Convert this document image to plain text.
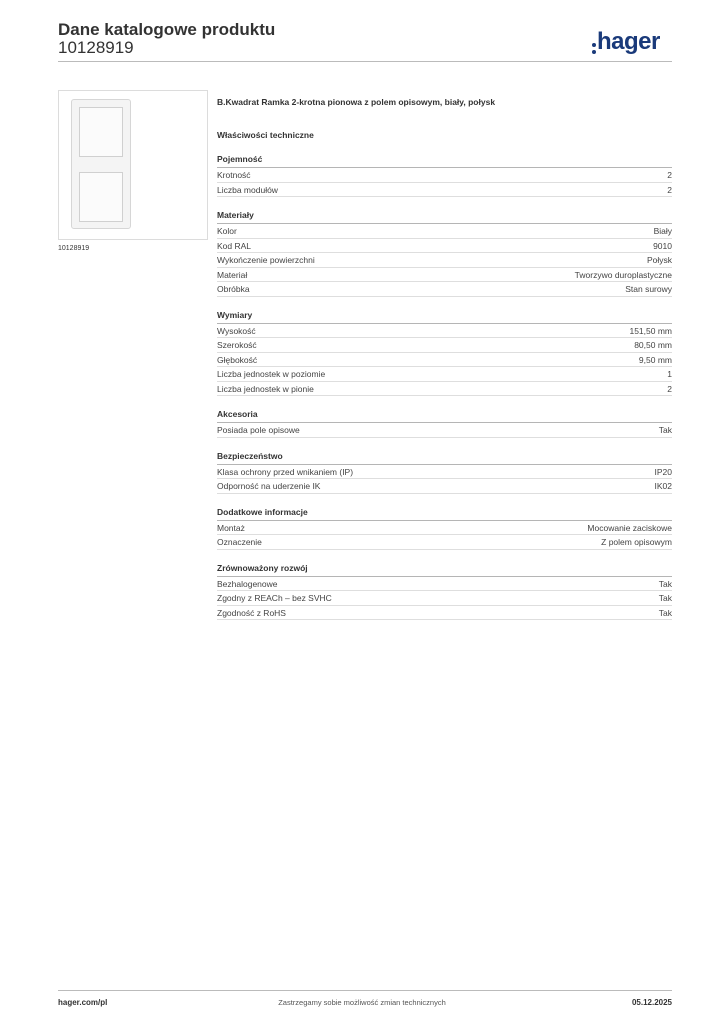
Dane katalogowe produktu
10128919	hager
10128919
B.Kwadrat Ramka 2-krotna pionowa z polem opisowym, biały, połysk
Właściwości techniczne
Pojemność
Krotność	2
Liczba modułów	2
Materiały
Kolor	Biały
Kod RAL	9010
Wykończenie powierzchni	Połysk
Materiał	Tworzywo duroplastyczne
Obróbka	Stan surowy
Wymiary
Wysokość	151,50 mm
Szerokość	80,50 mm
Głębokość	9,50 mm
Liczba jednostek w poziomie	1
Liczba jednostek w pionie	2
Akcesoria
Posiada pole opisowe	Tak
Bezpieczeństwo
Klasa ochrony przed wnikaniem (IP)	IP20
Odporność na uderzenie IK	IK02
Dodatkowe informacje
Montaż	Mocowanie zaciskowe
Oznaczenie	Z polem opisowym
Zrównoważony rozwój
Bezhalogenowe	Tak
Zgodny z REACh – bez SVHC	Tak
Zgodność z RoHS	Tak
Zastrzegamy sobie możliwość zmian technicznych
hager.com/pl	05.12.2025
